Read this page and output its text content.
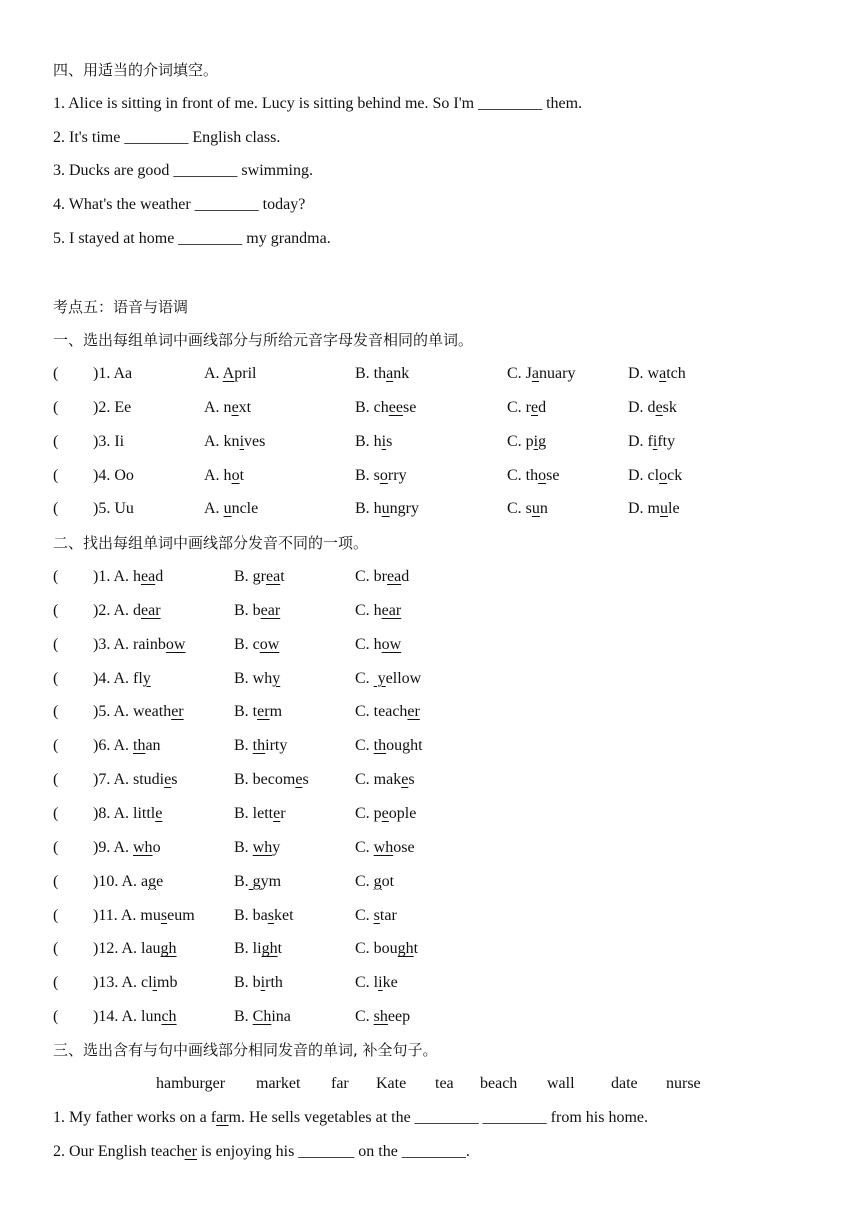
四、用适当的介词填空。
1. Alice is sitting in front of me. Lucy is sitting behind me. So I'm ________ them.
2. It's time ________ English class.
3. Ducks are good ________ swimming.
4. What's the weather ________ today?
5. I stayed at home ________ my grandma.
考点五：语音与语调
一、选出每组单词中画线部分与所给元音字母发音相同的单词。
( )1. Aa	A. April	B. thank	C. January	D. watch
( )2. Ee	A. next	B. cheese	C. red	D. desk
( )3. Ii	A. knives	B. his	C. pig	D. fifty
( )4. Oo	A. hot	B. sorry	C. those	D. clock
( )5. Uu	A. uncle	B. hungry	C. sun	D. mule
二、找出每组单词中画线部分发音不同的一项。
( )1. A. head	B. great	C. bread
( )2. A. dear	B. bear	C. hear
( )3. A. rainbow	B. cow	C. how
( )4. A. fly	B. why	C.  yellow
( )5. A. weather	B. term	C. teacher
( )6. A. than	B. thirty	C. thought
( )7. A. studies	B. becomes	C. makes
( )8. A. little	B. letter	C. people
( )9. A. who	B. why	C. whose
( )10. A. age	B. gym	C. got
( )11. A. museum B. basket	C. star
( )12. A. laugh	B. light	C. bought
( )13. A. climb	B. birth	C. like
( )14. A. lunch	B. China	C. sheep
三、选出含有与句中画线部分相同发音的单词, 补全句子。
hamburger market far Kate tea beach wall date nurse
1. My father works on a farm. He sells vegetables at the ________ ________ from his home.
2. Our English teacher is enjoying his _______ on the ________.
